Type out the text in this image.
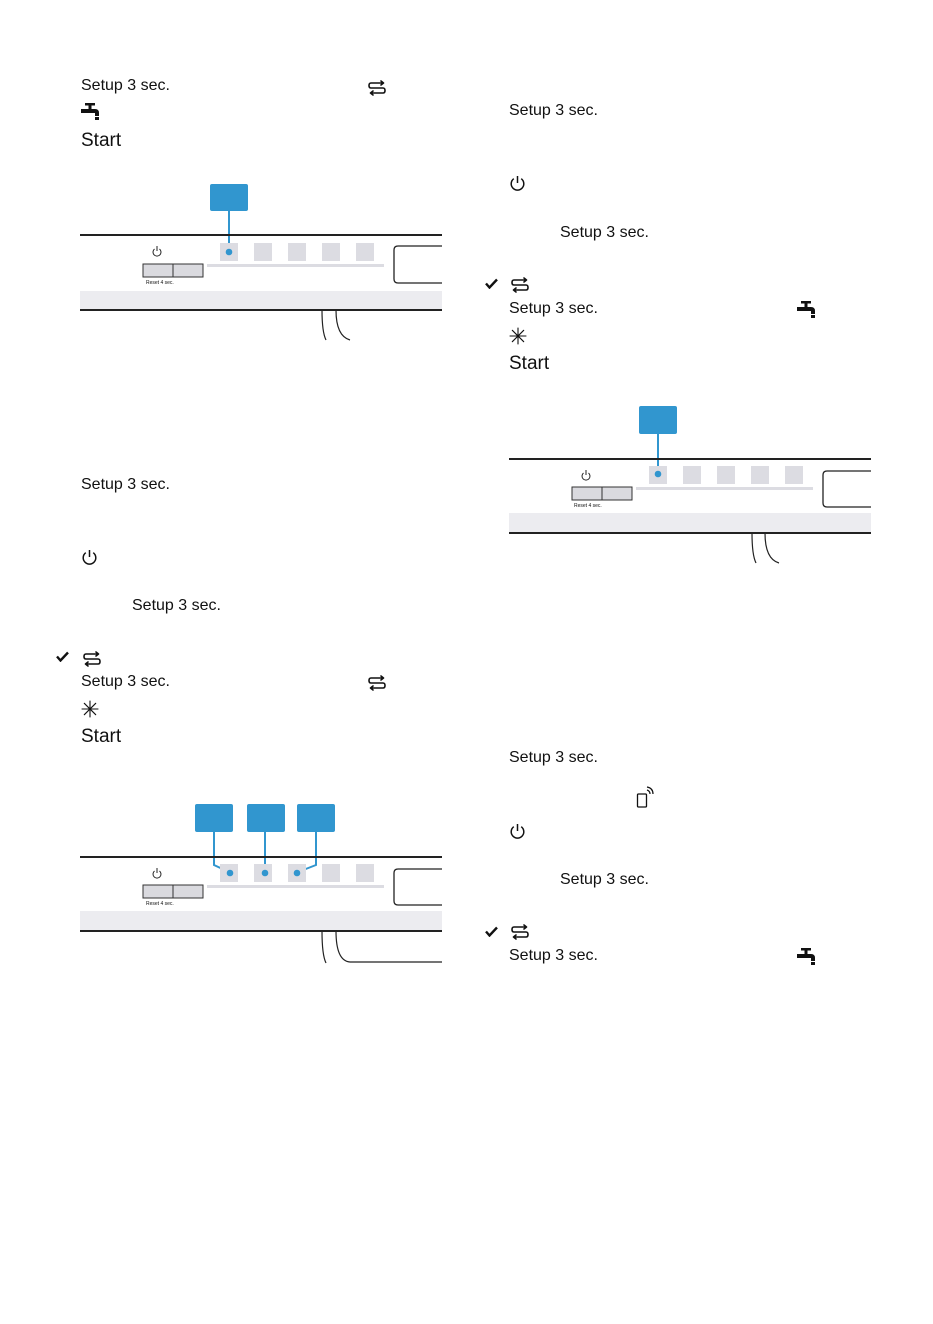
Setup 3 sec.
Start
Reset 4 sec.
Setup 3 sec.
Setup 3 sec.
Setup 3 sec.
Start
Reset 4 sec.
Setup 3 sec.
Setup 3 sec.
Setup 3 sec.
Start
Reset 4 sec.
Setup 3 sec.
Setup 3 sec.
Setup 3 sec.
